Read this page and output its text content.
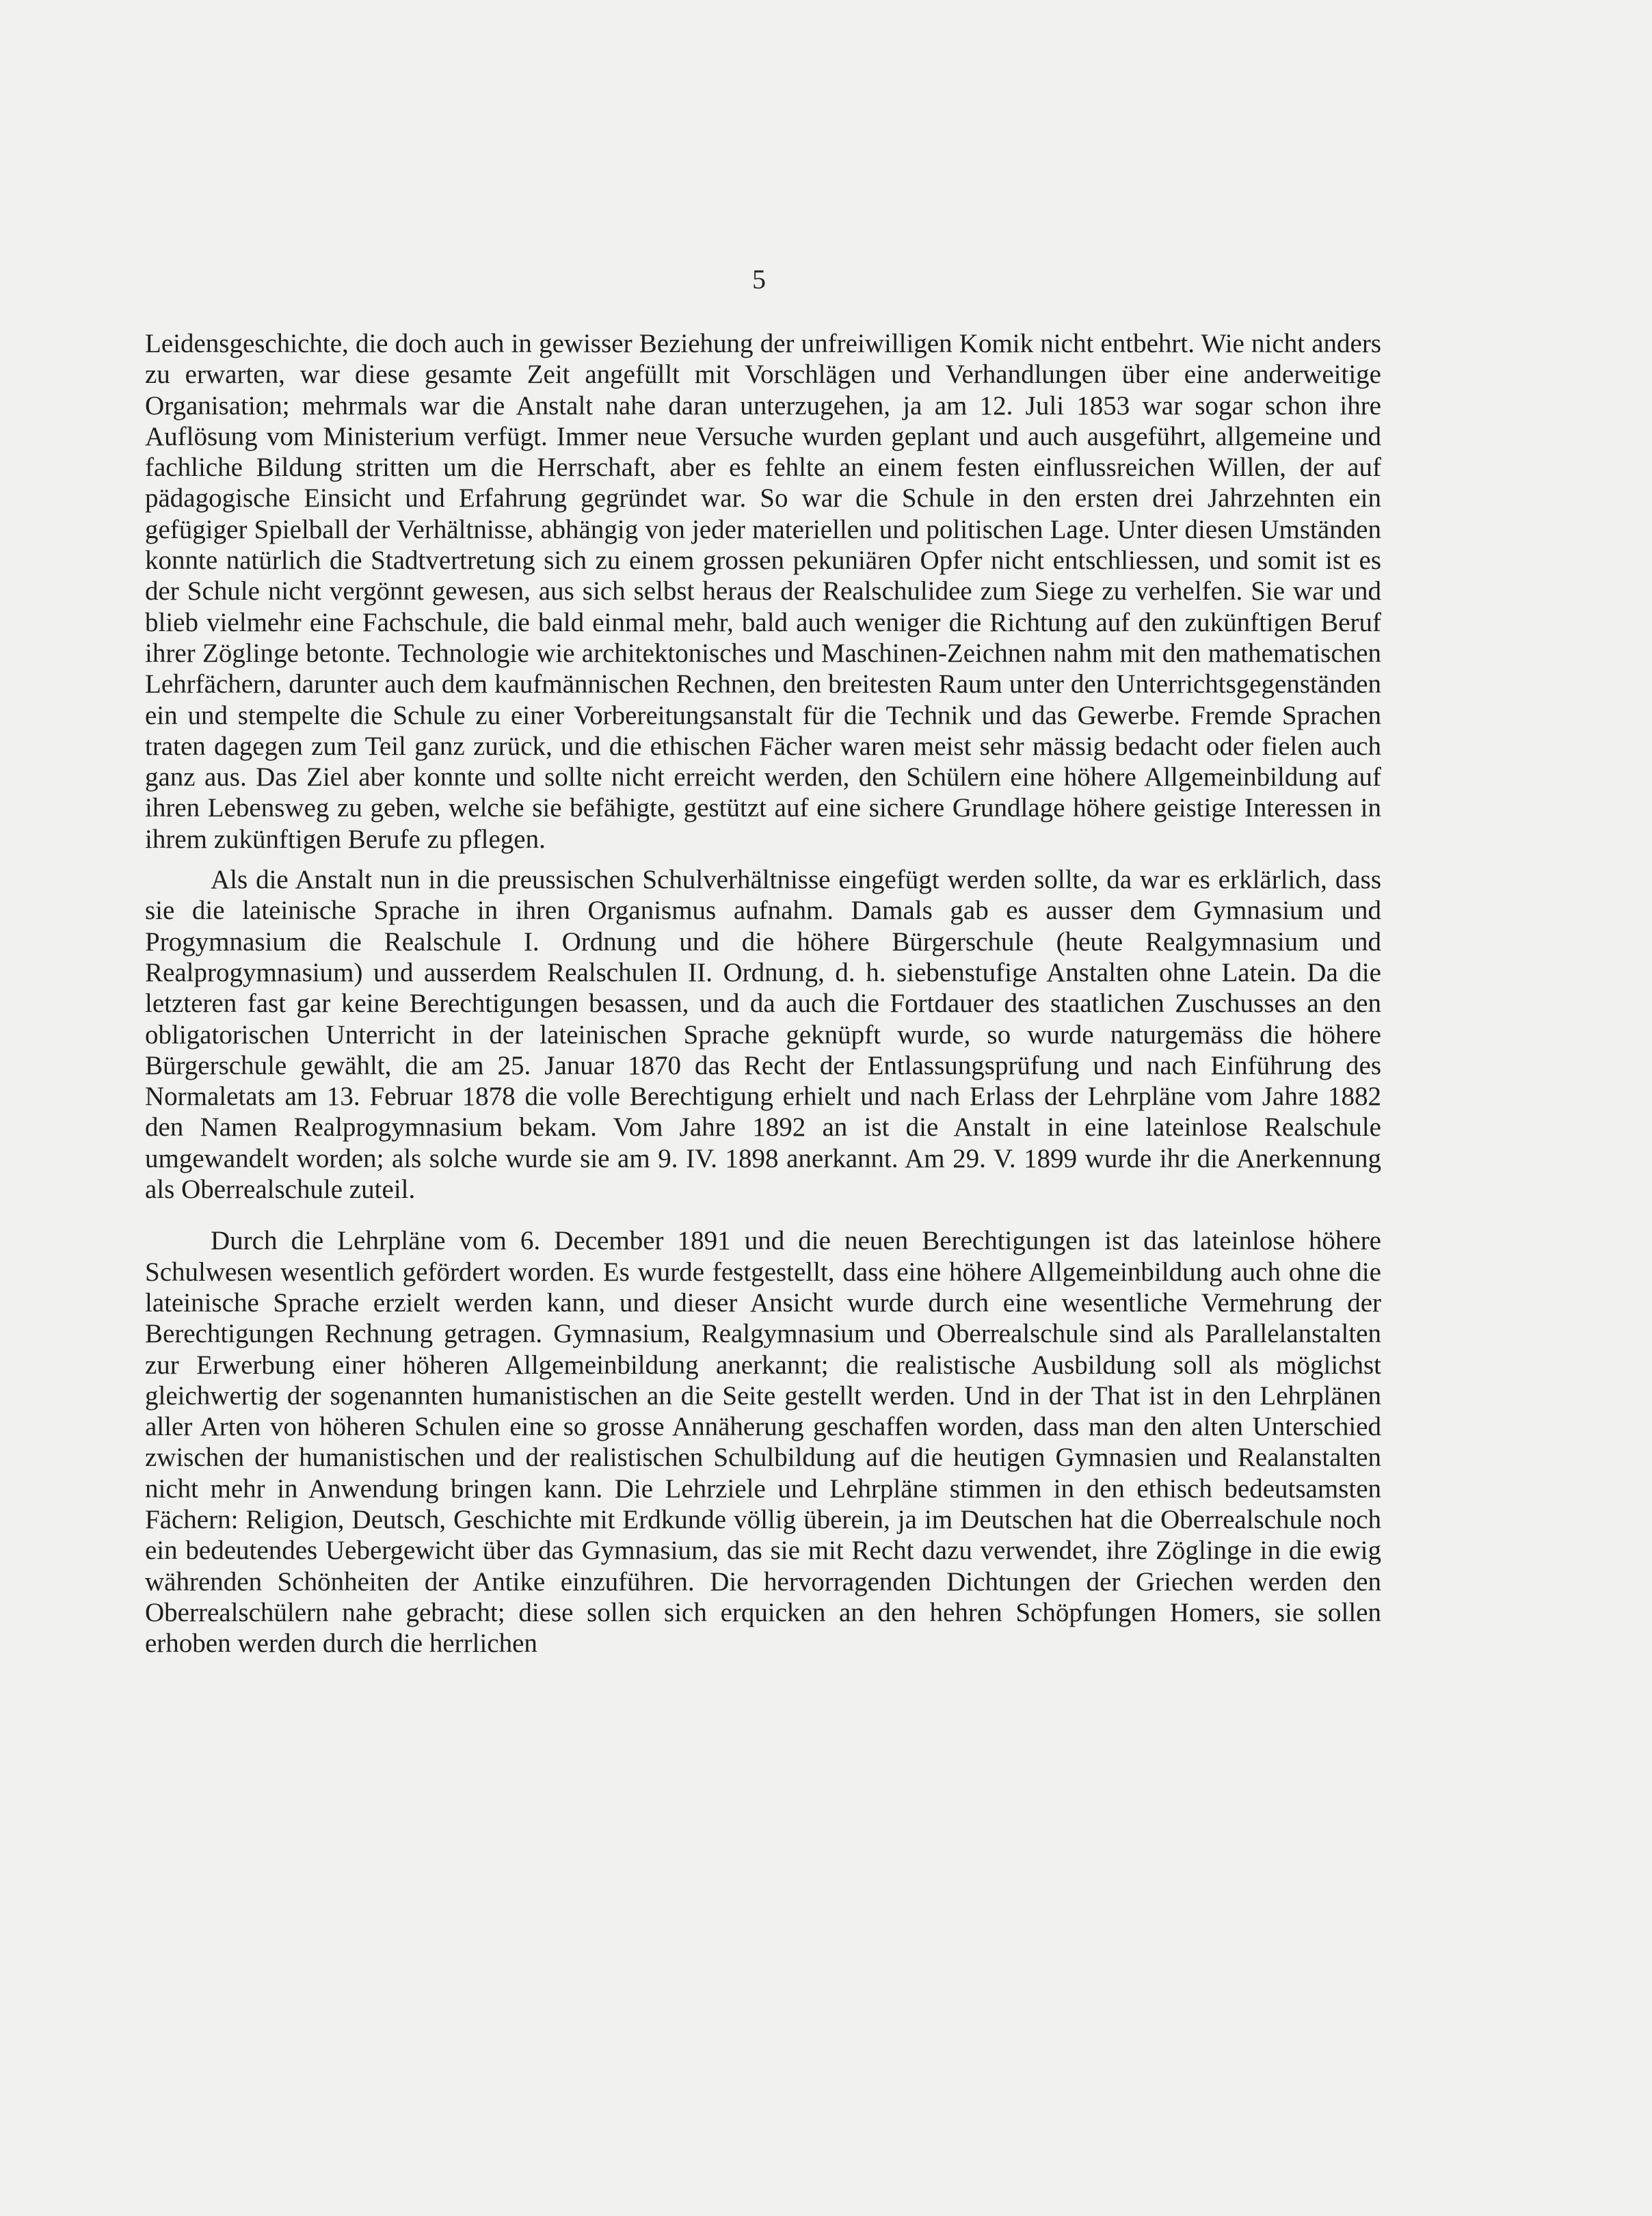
5

Leidensgeschichte, die doch auch in gewisser Beziehung der unfreiwilligen Komik nicht entbehrt. Wie nicht anders zu erwarten, war diese gesamte Zeit angefüllt mit Vorschlägen und Verhandlungen über eine anderweitige Organisation; mehrmals war die Anstalt nahe daran unterzugehen, ja am 12. Juli 1853 war sogar schon ihre Auflösung vom Ministerium verfügt. Immer neue Versuche wurden geplant und auch ausgeführt, allgemeine und fachliche Bildung stritten um die Herrschaft, aber es fehlte an einem festen einflussreichen Willen, der auf pädagogische Einsicht und Erfahrung gegründet war. So war die Schule in den ersten drei Jahrzehnten ein gefügiger Spielball der Verhältnisse, abhängig von jeder materiellen und politischen Lage. Unter diesen Umständen konnte natürlich die Stadtvertretung sich zu einem grossen pekuniären Opfer nicht entschliessen, und somit ist es der Schule nicht vergönnt gewesen, aus sich selbst heraus der Realschulidee zum Siege zu verhelfen. Sie war und blieb vielmehr eine Fachschule, die bald einmal mehr, bald auch weniger die Richtung auf den zukünftigen Beruf ihrer Zöglinge betonte. Technologie wie architektonisches und Maschinen-Zeichnen nahm mit den mathematischen Lehrfächern, darunter auch dem kaufmännischen Rechnen, den breitesten Raum unter den Unterrichtsgegenständen ein und stempelte die Schule zu einer Vorbereitungsanstalt für die Technik und das Gewerbe. Fremde Sprachen traten dagegen zum Teil ganz zurück, und die ethischen Fächer waren meist sehr mässig bedacht oder fielen auch ganz aus. Das Ziel aber konnte und sollte nicht erreicht werden, den Schülern eine höhere Allgemeinbildung auf ihren Lebensweg zu geben, welche sie befähigte, gestützt auf eine sichere Grundlage höhere geistige Interessen in ihrem zukünftigen Berufe zu pflegen.

Als die Anstalt nun in die preussischen Schulverhältnisse eingefügt werden sollte, da war es erklärlich, dass sie die lateinische Sprache in ihren Organismus aufnahm. Damals gab es ausser dem Gymnasium und Progymnasium die Realschule I. Ordnung und die höhere Bürgerschule (heute Realgymnasium und Realprogymnasium) und ausserdem Realschulen II. Ordnung, d. h. siebenstufige Anstalten ohne Latein. Da die letzteren fast gar keine Berechtigungen besassen, und da auch die Fortdauer des staatlichen Zuschusses an den obligatorischen Unterricht in der lateinischen Sprache geknüpft wurde, so wurde naturgemäss die höhere Bürgerschule gewählt, die am 25. Januar 1870 das Recht der Entlassungsprüfung und nach Einführung des Normaletats am 13. Februar 1878 die volle Berechtigung erhielt und nach Erlass der Lehrpläne vom Jahre 1882 den Namen Realprogymnasium bekam. Vom Jahre 1892 an ist die Anstalt in eine lateinlose Realschule umgewandelt worden; als solche wurde sie am 9. IV. 1898 anerkannt. Am 29. V. 1899 wurde ihr die Anerkennung als Oberrealschule zuteil.

Durch die Lehrpläne vom 6. December 1891 und die neuen Berechtigungen ist das lateinlose höhere Schulwesen wesentlich gefördert worden. Es wurde festgestellt, dass eine höhere Allgemeinbildung auch ohne die lateinische Sprache erzielt werden kann, und dieser Ansicht wurde durch eine wesentliche Vermehrung der Berechtigungen Rechnung getragen. Gymnasium, Realgymnasium und Oberrealschule sind als Parallelanstalten zur Erwerbung einer höheren Allgemeinbildung anerkannt; die realistische Ausbildung soll als möglichst gleichwertig der sogenannten humanistischen an die Seite gestellt werden. Und in der That ist in den Lehrplänen aller Arten von höheren Schulen eine so grosse Annäherung geschaffen worden, dass man den alten Unterschied zwischen der humanistischen und der realistischen Schulbildung auf die heutigen Gymnasien und Realanstalten nicht mehr in Anwendung bringen kann. Die Lehrziele und Lehrpläne stimmen in den ethisch bedeutsamsten Fächern: Religion, Deutsch, Geschichte mit Erdkunde völlig überein, ja im Deutschen hat die Oberrealschule noch ein bedeutendes Uebergewicht über das Gymnasium, das sie mit Recht dazu verwendet, ihre Zöglinge in die ewig währenden Schönheiten der Antike einzuführen. Die hervorragenden Dichtungen der Griechen werden den Oberrealschülern nahe gebracht; diese sollen sich erquicken an den hehren Schöpfungen Homers, sie sollen erhoben werden durch die herrlichen
